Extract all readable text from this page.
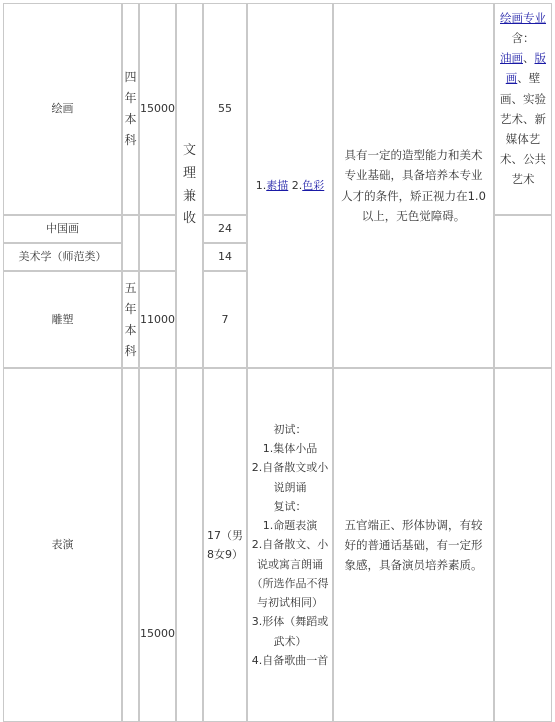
绘画
中国画
美术学（师范类）
雕塑
表演
四年本科
五年本科
15000
11000
15000
文理兼收
55
24
14
7
17（男8女9）
1.素描 2.色彩
初试：
1.集体小品
2.自备散文或小说朗诵
复试：
1.命题表演
2.自备散文、小说或寓言朗诵（所选作品不得与初试相同）
3.形体（舞蹈或武术）
4.自备歌曲一首
具有一定的造型能力和美术专业基础，具备培养本专业人才的条件，矫正视力在1.0以上，无色觉障碍。
五官端正、形体协调，有较好的普通话基础，有一定形象感，具备演员培养素质。
绘画专业
含：
油画、版画、壁画、实验艺术、新媒体艺术、公共艺术
